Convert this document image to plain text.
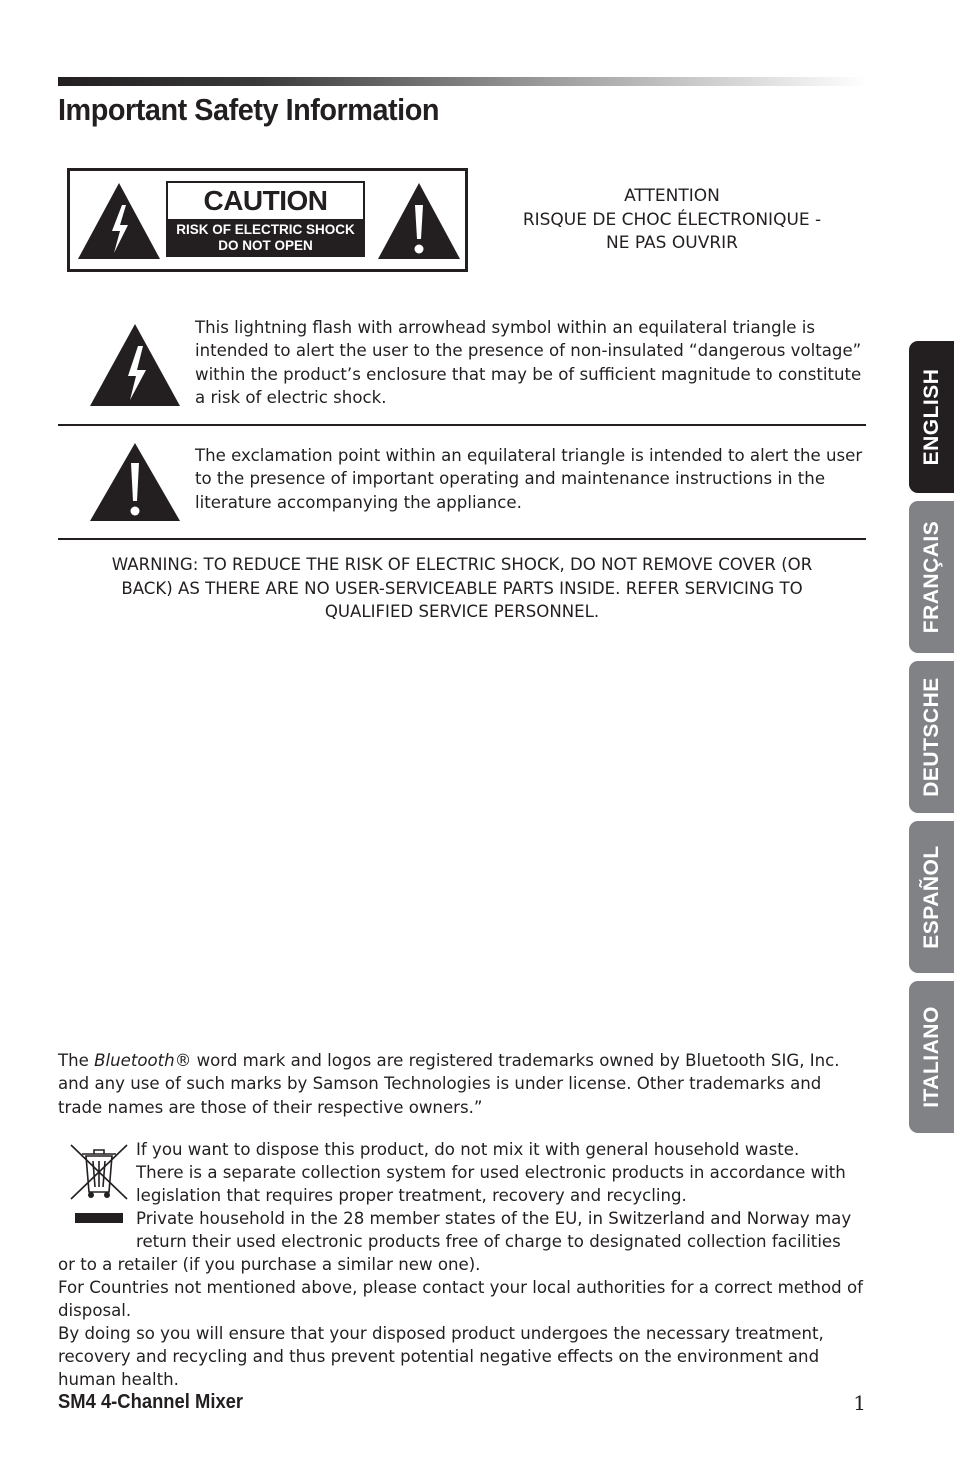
Important Safety Information
CAUTION
RISK OF ELECTRIC SHOCK
DO NOT OPEN
ATTENTION
RISQUE DE CHOC ÉLECTRONIQUE -
NE PAS OUVRIR
This lightning flash with arrowhead symbol within an equilateral triangle is intended to alert the user to the presence of non-insulated “dangerous voltage” within the product’s enclosure that may be of sufficient magnitude to constitute a risk of electric shock.
The exclamation point within an equilateral triangle is intended to alert the user to the presence of important operating and maintenance instructions in the literature accompanying the appliance.
WARNING: TO REDUCE THE RISK OF ELECTRIC SHOCK, DO NOT REMOVE COVER (OR
BACK) AS THERE ARE NO USER-SERVICEABLE PARTS INSIDE. REFER SERVICING TO
QUALIFIED SERVICE PERSONNEL.
The Bluetooth® word mark and logos are registered trademarks owned by Bluetooth SIG, Inc. and any use of such marks by Samson Technologies is under license. Other trademarks and trade names are those of their respective owners.”
If you want to dispose this product, do not mix it with general household waste.
There is a separate collection system for used electronic products in accordance with
legislation that requires proper treatment, recovery and recycling.
Private household in the 28 member states of the EU, in Switzerland and Norway may
return their used electronic products free of charge to designated collection facilities
or to a retailer (if you purchase a similar new one).
For Countries not mentioned above, please contact your local authorities for a correct method of
disposal.
By doing so you will ensure that your disposed product undergoes the necessary treatment,
recovery and recycling and thus prevent potential negative effects on the environment and
human health.
SM4 4-Channel Mixer	1
ENGLISH
FRANÇAIS
DEUTSCHE
ESPAÑOL
ITALIANO
